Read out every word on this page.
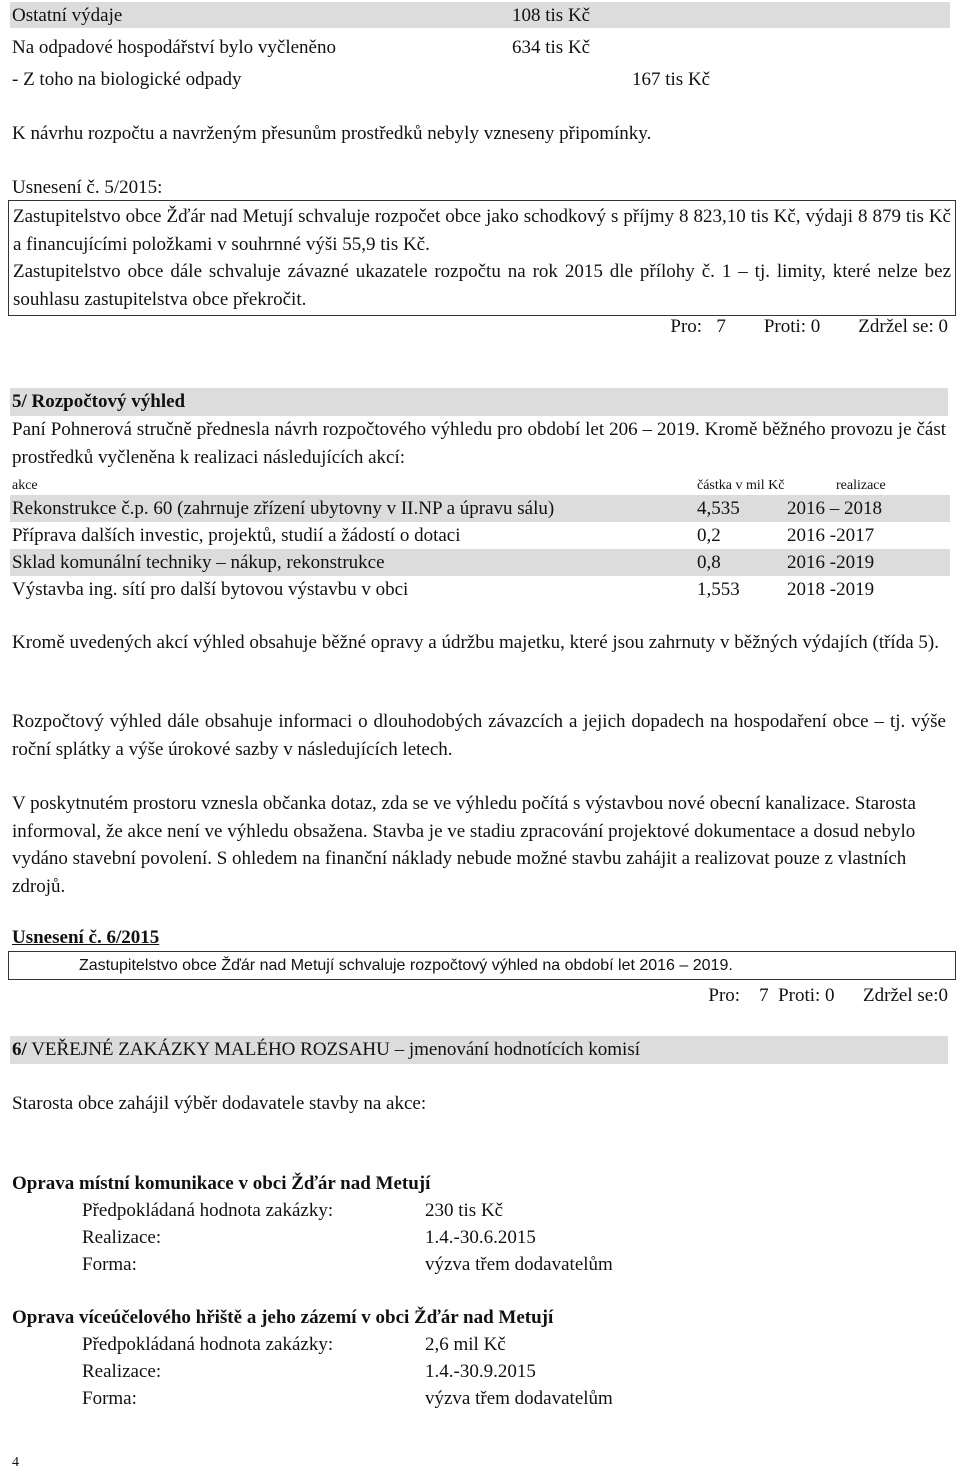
Ostatní výdaje	108 tis Kč
Na odpadové hospodářství bylo vyčleněno	634 tis Kč
- Z toho na biologické odpady	167 tis Kč
K návrhu rozpočtu a navrženým přesunům prostředků nebyly vzneseny připomínky.
Usnesení č. 5/2015:
Zastupitelstvo obce Žďár nad Metují schvaluje rozpočet obce jako schodkový s příjmy 8 823,10 tis Kč, výdaji 8 879 tis Kč a financujícími položkami v souhrnné výši 55,9 tis Kč.
Zastupitelstvo obce dále schvaluje závazné ukazatele rozpočtu na rok 2015 dle přílohy č. 1 – tj. limity, které nelze bez souhlasu zastupitelstva obce překročit.
Pro:   7        Proti: 0        Zdržel se: 0
5/ Rozpočtový výhled
Paní Pohnerová stručně přednesla návrh rozpočtového výhledu pro období let 206 – 2019. Kromě běžného provozu je část prostředků vyčleněna k realizaci následujících akcí:
akce	částka v mil Kč	realizace
Rekonstrukce č.p. 60 (zahrnuje zřízení ubytovny v II.NP a úpravu sálu)	4,535 2016 – 2018
Příprava dalších investic, projektů, studií a žádostí o dotaci	0,2	2016 -2017
Sklad komunální techniky – nákup, rekonstrukce	0,8	2016 -2019
Výstavba ing. sítí pro další bytovou výstavbu v obci	1,553 2018 -2019
Kromě uvedených akcí výhled obsahuje běžné opravy a údržbu majetku, které jsou zahrnuty v běžných výdajích (třída 5).
Rozpočtový výhled dále obsahuje informaci o dlouhodobých závazcích a jejich dopadech na hospodaření obce – tj. výše roční splátky a výše úrokové sazby v následujících letech.
V poskytnutém prostoru vznesla občanka dotaz, zda se ve výhledu počítá s výstavbou nové obecní kanalizace. Starosta informoval, že akce není ve výhledu obsažena. Stavba je ve stadiu zpracování projektové dokumentace a dosud nebylo vydáno stavební povolení. S ohledem na finanční náklady nebude možné stavbu zahájit a realizovat pouze z vlastních zdrojů.
Usnesení č. 6/2015
Zastupitelstvo obce Žďár nad Metují schvaluje rozpočtový výhled na období let 2016 – 2019.
Pro:    7  Proti: 0      Zdržel se:0
6/ VEŘEJNÉ ZAKÁZKY MALÉHO ROZSAHU – jmenování hodnotících komisí
Starosta obce zahájil výběr dodavatele stavby na akce:
Oprava místní komunikace v obci Žďár nad Metují
Předpokládaná hodnota zakázky:	230 tis Kč
Realizace:	1.4.-30.6.2015
Forma:	výzva třem dodavatelům
Oprava víceúčelového hřiště a jeho zázemí v obci Žďár nad Metují
Předpokládaná hodnota zakázky:	2,6 mil Kč
Realizace:	1.4.-30.9.2015
Forma:	výzva třem dodavatelům
4
